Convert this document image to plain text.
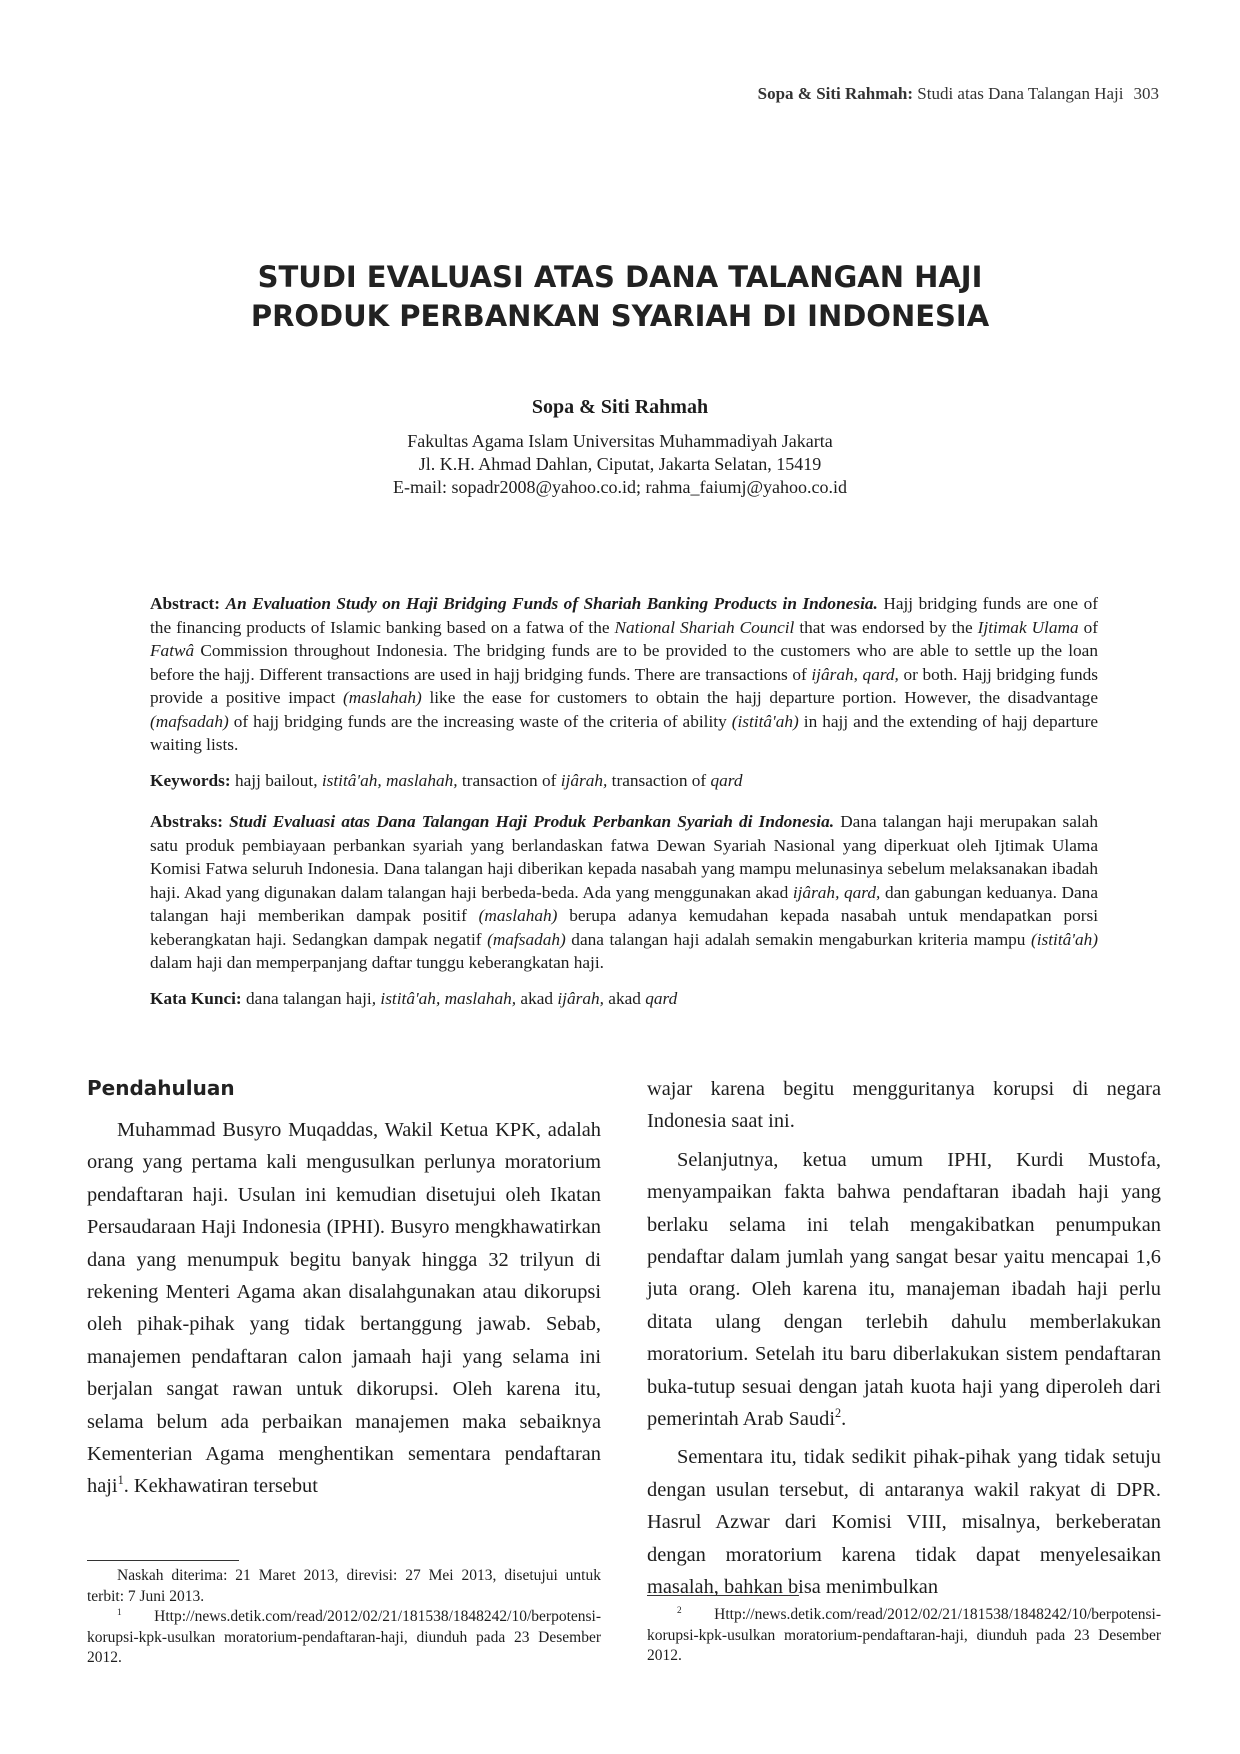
Sopa & Siti Rahmah: Studi atas Dana Talangan Haji 303
STUDI EVALUASI ATAS DANA TALANGAN HAJI
PRODUK PERBANKAN SYARIAH DI INDONESIA
Sopa & Siti Rahmah
Fakultas Agama Islam Universitas Muhammadiyah Jakarta
Jl. K.H. Ahmad Dahlan, Ciputat, Jakarta Selatan, 15419
E-mail: sopadr2008@yahoo.co.id; rahma_faiumj@yahoo.co.id

Abstract: An Evaluation Study on Haji Bridging Funds of Shariah Banking Products in Indonesia. Hajj bridging funds are one of the financing products of Islamic banking based on a fatwa of the National Shariah Council that was endorsed by the Ijtimak Ulama of Fatwâ Commission throughout Indonesia. The bridging funds are to be provided to the customers who are able to settle up the loan before the hajj. Different transactions are used in hajj bridging funds. There are transactions of ijârah, qard, or both. Hajj bridging funds provide a positive impact (maslahah) like the ease for customers to obtain the hajj departure portion. However, the disadvantage (mafsadah) of hajj bridging funds are the increasing waste of the criteria of ability (istitâ'ah) in hajj and the extending of hajj departure waiting lists.

Keywords: hajj bailout, istitâ'ah, maslahah, transaction of ijârah, transaction of qard

Abstraks: Studi Evaluasi atas Dana Talangan Haji Produk Perbankan Syariah di Indonesia. Dana talangan haji merupakan salah satu produk pembiayaan perbankan syariah yang berlandaskan fatwa Dewan Syariah Nasional yang diperkuat oleh Ijtimak Ulama Komisi Fatwa seluruh Indonesia. Dana talangan haji diberikan kepada nasabah yang mampu melunasinya sebelum melaksanakan ibadah haji. Akad yang digunakan dalam talangan haji berbeda-beda. Ada yang menggunakan akad ijârah, qard, dan gabungan keduanya. Dana talangan haji memberikan dampak positif (maslahah) berupa adanya kemudahan kepada nasabah untuk mendapatkan porsi keberangkatan haji. Sedangkan dampak negatif (mafsadah) dana talangan haji adalah semakin mengaburkan kriteria mampu (istitâ'ah) dalam haji dan memperpanjang daftar tunggu keberangkatan haji.

Kata Kunci: dana talangan haji, istitâ'ah, maslahah, akad ijârah, akad qard

Pendahuluan

Muhammad Busyro Muqaddas, Wakil Ketua KPK, adalah orang yang pertama kali mengusulkan perlunya moratorium pendaftaran haji. Usulan ini kemudian disetujui oleh Ikatan Persaudaraan Haji Indonesia (IPHI). Busyro mengkhawatirkan dana yang menumpuk begitu banyak hingga 32 trilyun di rekening Menteri Agama akan disalahgunakan atau dikorupsi oleh pihak-pihak yang tidak bertanggung jawab. Sebab, manajemen pendaftaran calon jamaah haji yang selama ini berjalan sangat rawan untuk dikorupsi. Oleh karena itu, selama belum ada perbaikan manajemen maka sebaiknya Kementerian Agama menghentikan sementara pendaftaran haji$^1$. Kekhawatiran tersebut

wajar karena begitu mengguritanya korupsi di negara Indonesia saat ini.

Selanjutnya, ketua umum IPHI, Kurdi Mustofa, menyampaikan fakta bahwa pendaftaran ibadah haji yang berlaku selama ini telah mengakibatkan penumpukan pendaftar dalam jumlah yang sangat besar yaitu mencapai 1,6 juta orang. Oleh karena itu, manajeman ibadah haji perlu ditata ulang dengan terlebih dahulu memberlakukan moratorium. Setelah itu baru diberlakukan sistem pendaftaran buka-tutup sesuai dengan jatah kuota haji yang diperoleh dari pemerintah Arab Saudi$^2$.

Sementara itu, tidak sedikit pihak-pihak yang tidak setuju dengan usulan tersebut, di antaranya wakil rakyat di DPR. Hasrul Azwar dari Komisi VIII, misalnya, berkeberatan dengan moratorium karena tidak dapat menyelesaikan masalah, bahkan bisa menimbulkan

Naskah diterima: 21 Maret 2013, direvisi: 27 Mei 2013, disetujui untuk terbit: 7 Juni 2013.

$^1$ Http://news.detik.com/read/2012/02/21/181538/1848242/10/berpotensi-korupsi-kpk-usulkan moratorium-pendaftaran-haji, diunduh pada 23 Desember 2012.

$^2$ Http://news.detik.com/read/2012/02/21/181538/1848242/10/berpotensi-korupsi-kpk-usulkan moratorium-pendaftaran-haji, diunduh pada 23 Desember 2012.
